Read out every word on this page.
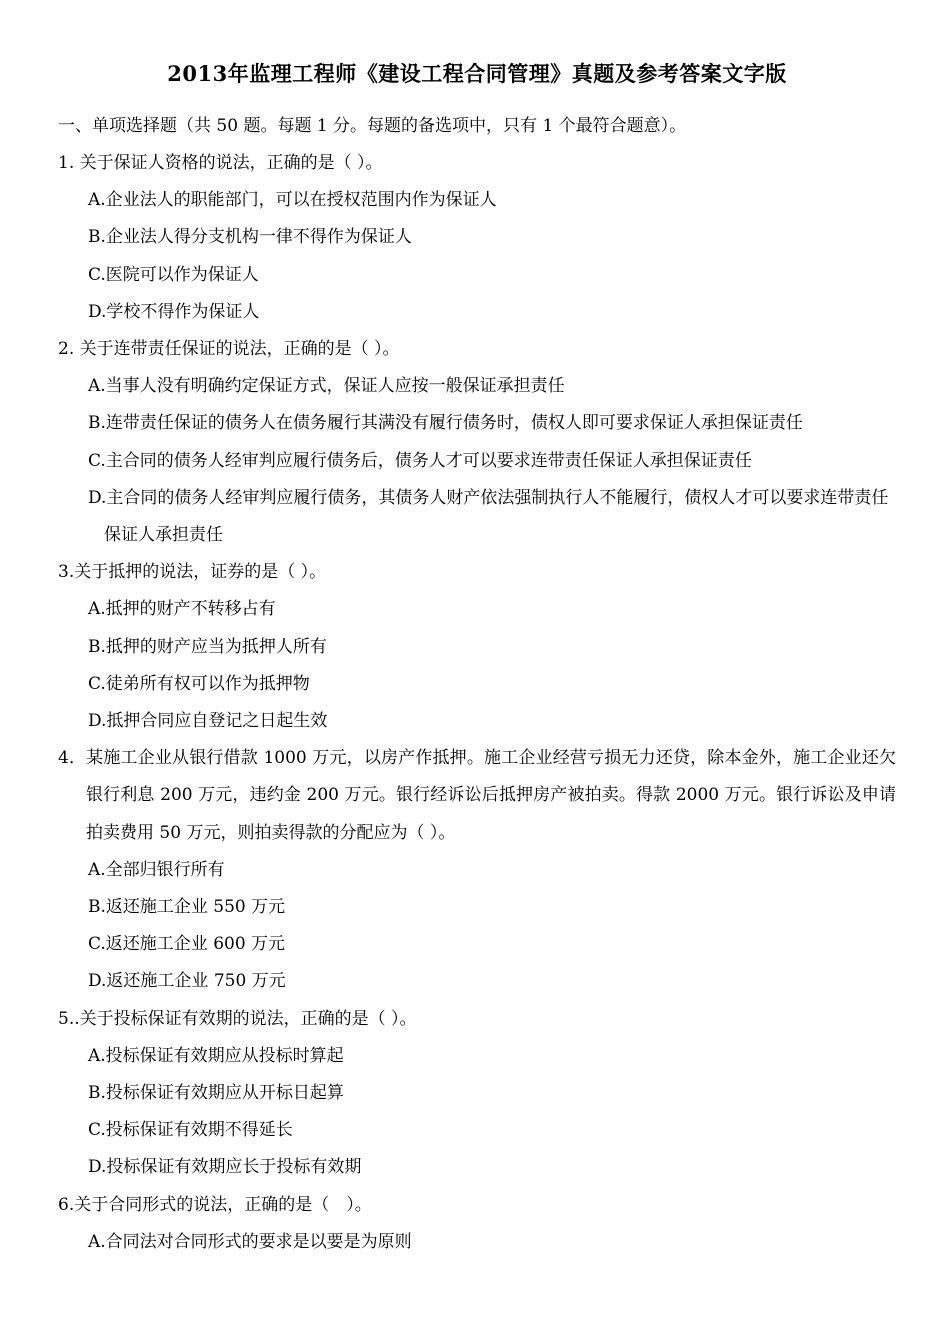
2013年监理工程师《建设工程合同管理》真题及参考答案文字版

一、单项选择题（共 50 题。每题 1 分。每题的备选项中，只有 1 个最符合题意）。

1. 关于保证人资格的说法，正确的是（ ）。

A.企业法人的职能部门，可以在授权范围内作为保证人

B.企业法人得分支机构一律不得作为保证人

C.医院可以作为保证人

D.学校不得作为保证人

2. 关于连带责任保证的说法，正确的是（ ）。

A.当事人没有明确约定保证方式，保证人应按一般保证承担责任

B.连带责任保证的债务人在债务履行其满没有履行债务时，债权人即可要求保证人承担保证责任

C.主合同的债务人经审判应履行债务后，债务人才可以要求连带责任保证人承担保证责任

D.主合同的债务人经审判应履行债务，其债务人财产依法强制执行人不能履行，债权人才可以要求连带责任保证人承担责任

3.关于抵押的说法，证券的是（ ）。

A.抵押的财产不转移占有

B.抵押的财产应当为抵押人所有

C.徒弟所有权可以作为抵押物

D.抵押合同应自登记之日起生效

4．某施工企业从银行借款 1000 万元，以房产作抵押。施工企业经营亏损无力还贷，除本金外，施工企业还欠银行利息 200 万元，违约金 200 万元。银行经诉讼后抵押房产被拍卖。得款 2000 万元。银行诉讼及申请拍卖费用 50 万元，则拍卖得款的分配应为（ ）。

A.全部归银行所有

B.返还施工企业 550 万元

C.返还施工企业 600 万元

D.返还施工企业 750 万元

5..关于投标保证有效期的说法，正确的是（ ）。

A.投标保证有效期应从投标时算起

B.投标保证有效期应从开标日起算

C.投标保证有效期不得延长

D.投标保证有效期应长于投标有效期

6.关于合同形式的说法，正确的是（　）。

A.合同法对合同形式的要求是以要是为原则
